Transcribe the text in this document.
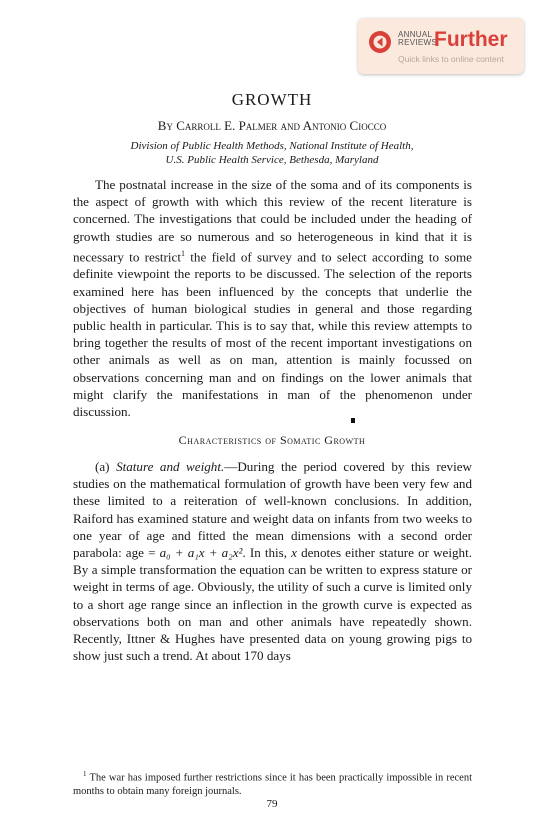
ANNUAL
REVIEWS
Further
Quick links to online content
GROWTH
By Carroll E. Palmer and Antonio Ciocco
Division of Public Health Methods, National Institute of Health,
U.S. Public Health Service, Bethesda, Maryland

The postnatal increase in the size of the soma and of its components is the aspect of growth with which this review of the recent literature is concerned. The investigations that could be included under the heading of growth studies are so numerous and so heterogeneous in kind that it is necessary to restrict$^1$ the field of survey and to select according to some definite viewpoint the reports to be discussed. The selection of the reports examined here has been influenced by the concepts that underlie the objectives of human biological studies in general and those regarding public health in particular. This is to say that, while this review attempts to bring together the results of most of the recent important investigations on other animals as well as on man, attention is mainly focussed on observations concerning man and on findings on the lower animals that might clarify the manifestations in man of the phenomenon under discussion.

Characteristics of Somatic Growth

(a) Stature and weight.—During the period covered by this review studies on the mathematical formulation of growth have been very few and these limited to a reiteration of well-known conclusions. In addition, Raiford has examined stature and weight data on infants from two weeks to one year of age and fitted the mean dimensions with a second order parabola: age = a₀ + a₁x + a₂x². In this, x denotes either stature or weight. By a simple transformation the equation can be written to express stature or weight in terms of age. Obviously, the utility of such a curve is limited only to a short age range since an inflection in the growth curve is expected as observations both on man and other animals have repeatedly shown. Recently, Ittner & Hughes have presented data on young growing pigs to show just such a trend. At about 170 days

$^1$ The war has imposed further restrictions since it has been practically impossible in recent months to obtain many foreign journals.

79
